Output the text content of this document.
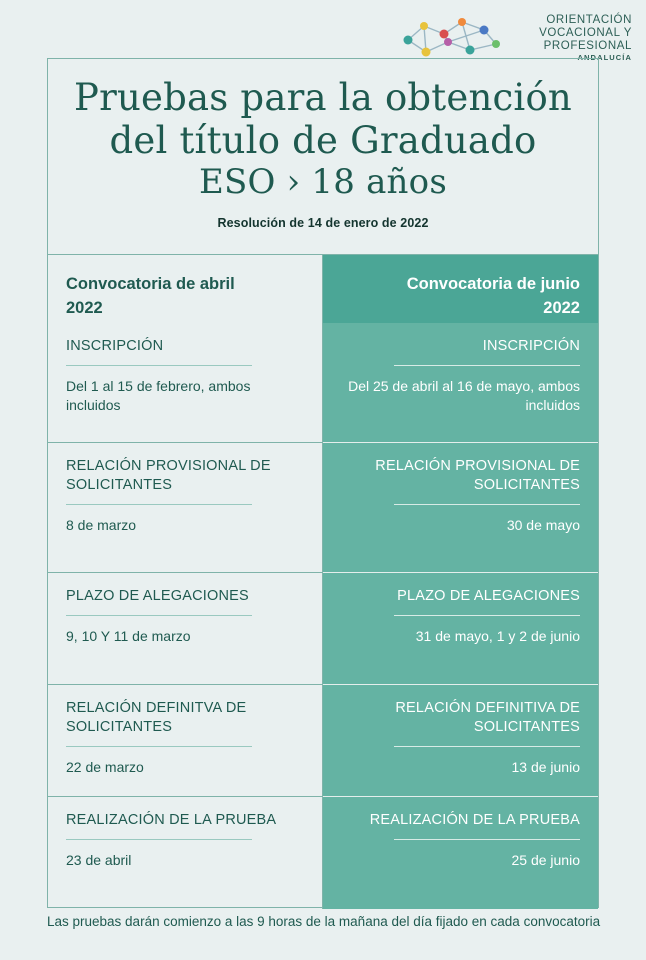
ORIENTACIÓN
VOCACIONAL Y
PROFESIONAL
ANDALUCÍA
Pruebas para la obtención
del título de Graduado
ESO › 18 años
Resolución de 14 de enero de 2022
Convocatoria de abril
2022
INSCRIPCIÓN
Del 1 al 15 de febrero, ambos incluidos
RELACIÓN PROVISIONAL DE SOLICITANTES
8 de marzo
PLAZO DE ALEGACIONES
9, 10 Y 11 de marzo
RELACIÓN DEFINITVA DE SOLICITANTES
22 de marzo
REALIZACIÓN DE LA PRUEBA
23 de abril
Convocatoria de junio
2022
INSCRIPCIÓN
Del 25 de abril al 16 de mayo, ambos incluidos
RELACIÓN PROVISIONAL DE SOLICITANTES
30 de mayo
PLAZO DE ALEGACIONES
31 de mayo, 1 y 2 de junio
RELACIÓN DEFINITIVA DE SOLICITANTES
13 de junio
REALIZACIÓN DE LA PRUEBA
25 de junio
Las pruebas darán comienzo a las 9 horas de la mañana del día fijado en cada convocatoria
